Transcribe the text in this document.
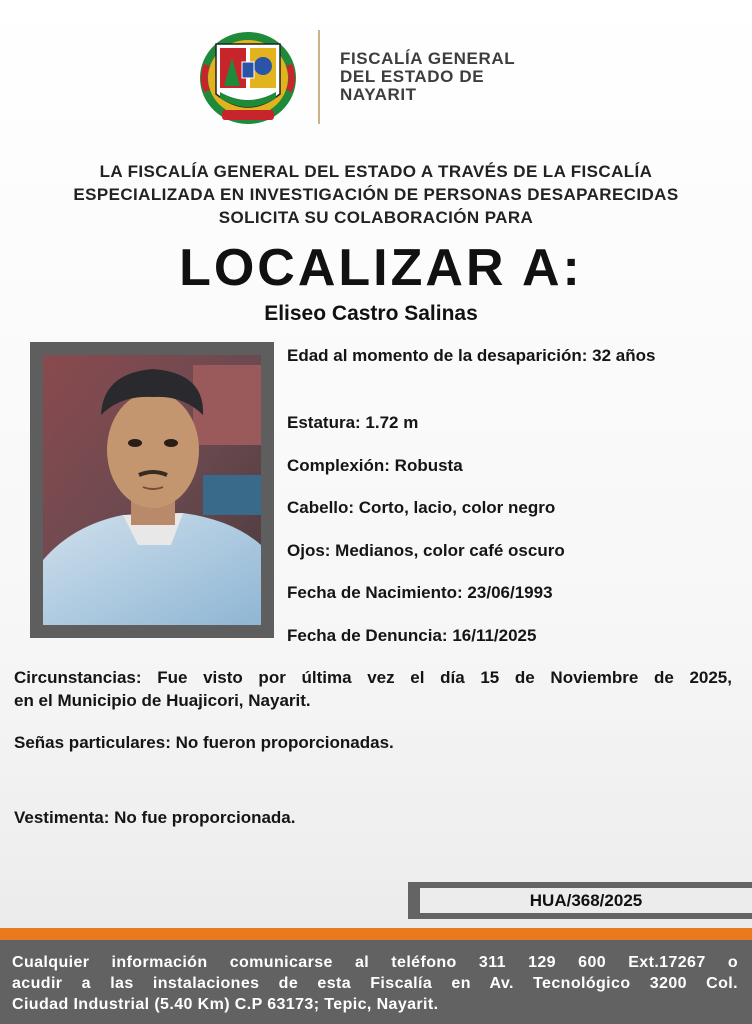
FISCALÍA GENERAL
DEL ESTADO DE
NAYARIT
LA FISCALÍA GENERAL DEL ESTADO A TRAVÉS DE LA FISCALÍA
ESPECIALIZADA EN INVESTIGACIÓN DE PERSONAS DESAPARECIDAS
SOLICITA SU COLABORACIÓN PARA
LOCALIZAR A:
Eliseo Castro Salinas
Edad al momento de la desaparición: 32 años
Estatura: 1.72 m
Complexión: Robusta
Cabello: Corto, lacio, color negro
Ojos: Medianos, color café oscuro
Fecha de Nacimiento: 23/06/1993
Fecha de Denuncia: 16/11/2025
Circunstancias: Fue visto por última vez el día 15 de Noviembre de 2025,
en el Municipio de Huajicori, Nayarit.
Señas particulares: No fueron proporcionadas.
Vestimenta: No fue proporcionada.
HUA/368/2025
Cualquier información comunicarse al teléfono 311 129 600 Ext.17267 o
acudir a las instalaciones de esta Fiscalía en Av. Tecnológico 3200 Col.
Ciudad Industrial (5.40 Km) C.P 63173; Tepic, Nayarit.
